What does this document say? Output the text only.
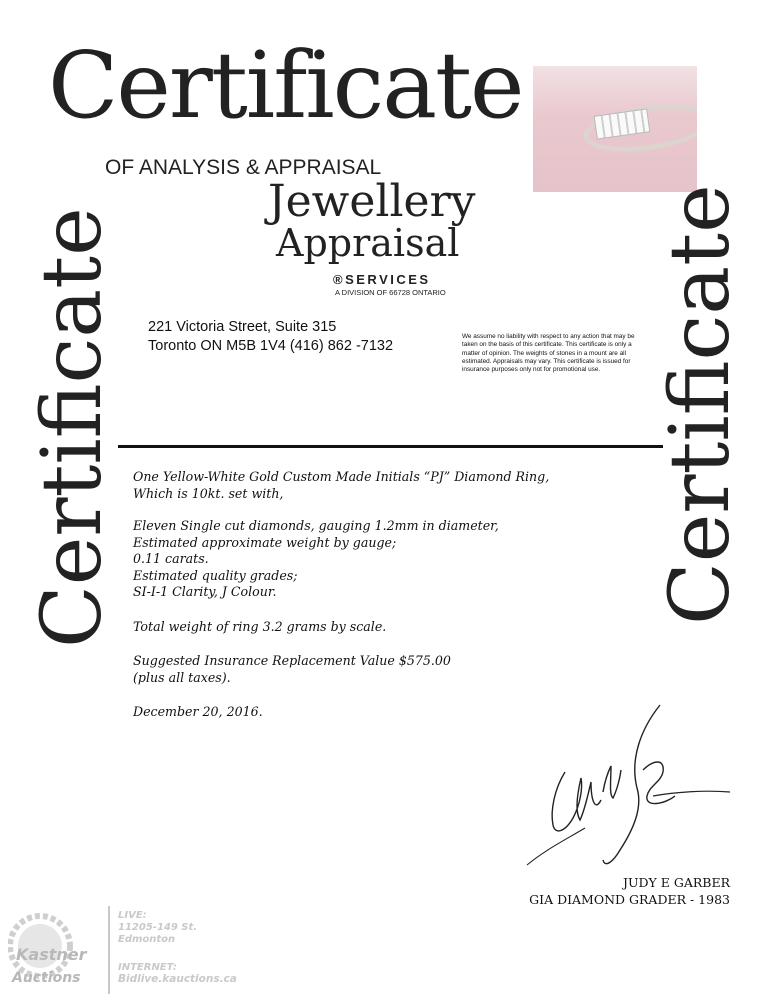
Certificate
OF ANALYSIS & APPRAISAL
Jewellery
Appraisal
®SERVICES
A DIVISION OF 66728 ONTARIO
Certificate	Certificate
221 Victoria Street, Suite 315
Toronto ON M5B 1V4 (416) 862 -7132
We assume no liability with respect to any action that may be taken on the basis of this certificate. This certificate is only a matter of opinion. The weights of stones in a mount are all estimated. Appraisals may vary. This certificate is issued for insurance purposes only not for promotional use.

One Yellow-White Gold Custom Made Initials “PJ” Diamond Ring,

Which is 10kt. set with,

Eleven Single cut diamonds, gauging 1.2mm in diameter,

Estimated approximate weight by gauge;

0.11 carats.

Estimated quality grades;

SI-I-1 Clarity, J Colour.

Total weight of ring 3.2 grams by scale.

Suggested Insurance Replacement Value $575.00

(plus all taxes).

December 20, 2016.

JUDY E GARBER
GIA DIAMOND GRADER - 1983
Kastner
Auctions
LIVE:
11205-149 St.
Edmonton
INTERNET:
Bidlive.kauctions.ca
